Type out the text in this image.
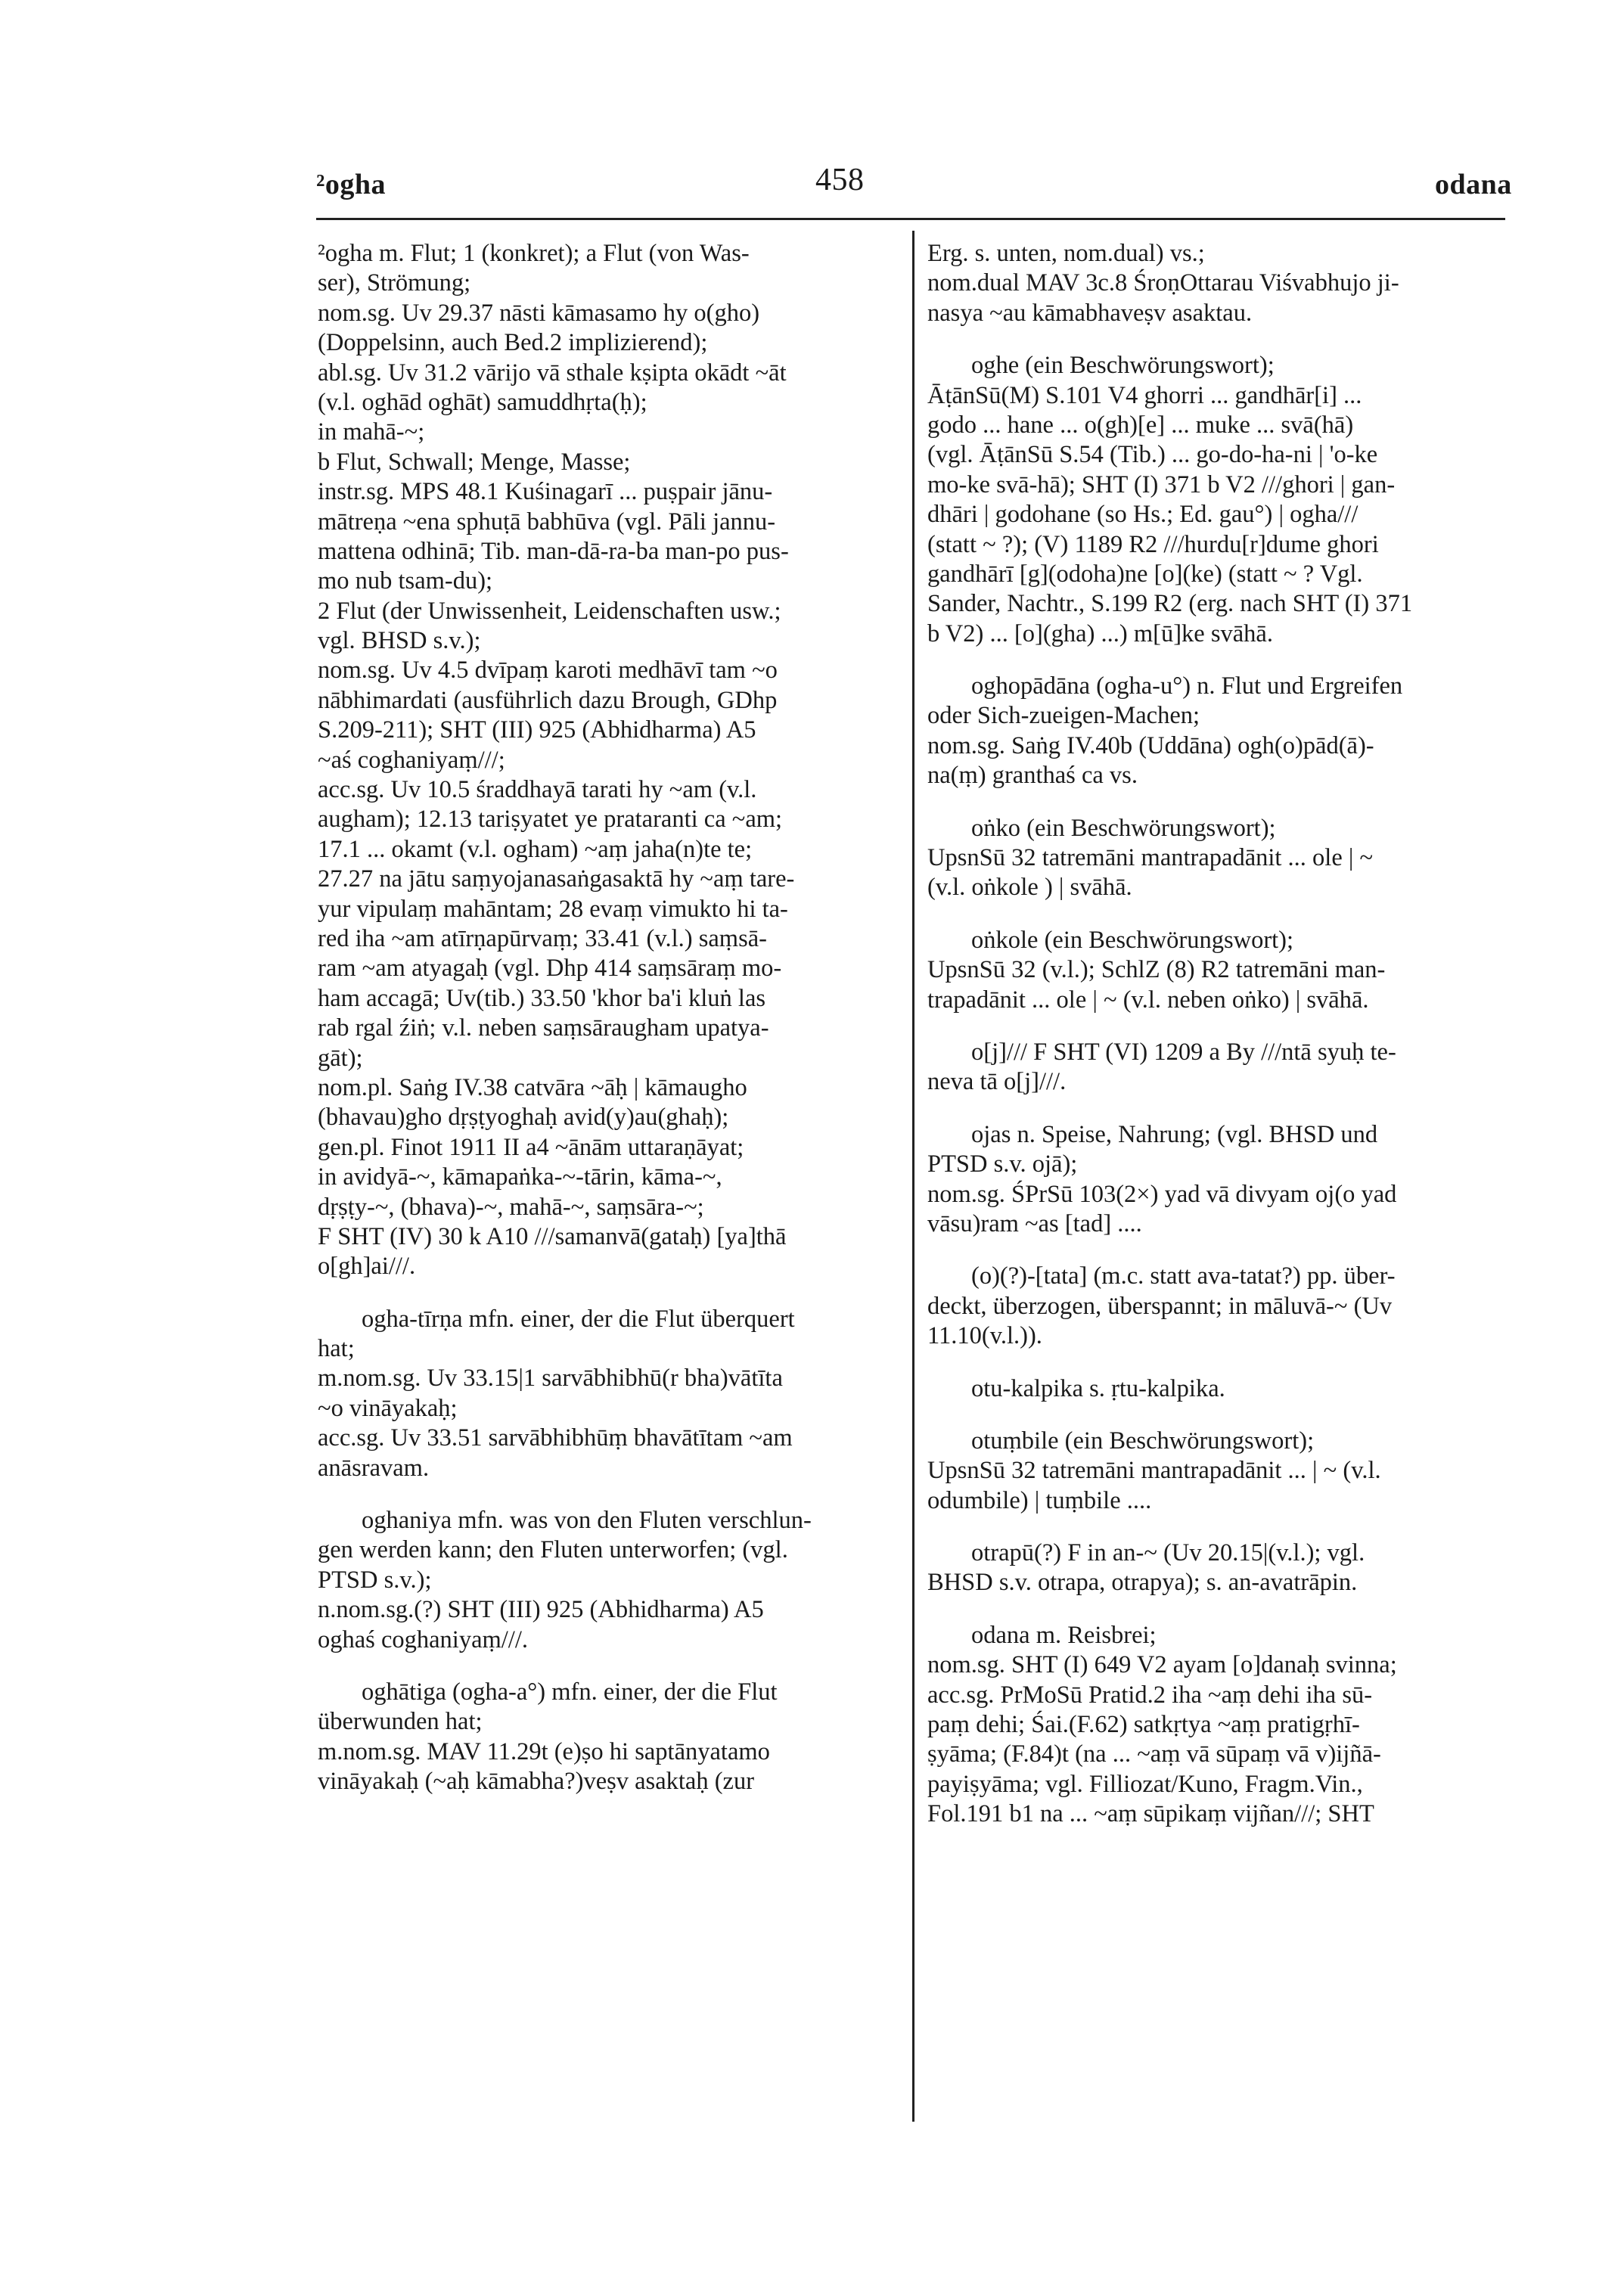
²ogha	458	odana
²ogha m. Flut; 1 (konkret); a Flut (von Was-
ser), Strömung;
nom.sg. Uv 29.37 nāsti kāmasamo hy o(gho)
(Doppelsinn, auch Bed.2 implizierend);
abl.sg. Uv 31.2 vārijo vā sthale kṣipta okādt ~āt
(v.l. oghād oghāt) samuddhṛta(ḥ);
in mahā-~;
b Flut, Schwall; Menge, Masse;
instr.sg. MPS 48.1 Kuśinagarī ... puṣpair jānu-
mātreṇa ~ena sphuṭā babhūva (vgl. Pāli jannu-
mattena odhinā; Tib. man-dā-ra-ba man-po pus-
mo nub tsam-du);
2 Flut (der Unwissenheit, Leidenschaften usw.;
vgl. BHSD s.v.);
nom.sg. Uv 4.5 dvīpaṃ karoti medhāvī tam ~o
nābhimardati (ausführlich dazu Brough, GDhp
S.209-211); SHT (III) 925 (Abhidharma) A5
~aś coghaniyaṃ///;
acc.sg. Uv 10.5 śraddhayā tarati hy ~am (v.l.
augham); 12.13 tariṣyatet ye prataranti ca ~am;
17.1 ... okamt (v.l. ogham) ~aṃ jaha(n)te te;
27.27 na jātu saṃyojanasaṅgasaktā hy ~aṃ tare-
yur vipulaṃ mahāntam; 28 evaṃ vimukto hi ta-
red iha ~am atīrṇapūrvaṃ; 33.41 (v.l.) saṃsā-
ram ~am atyagaḥ (vgl. Dhp 414 saṃsāraṃ mo-
ham accagā; Uv(tib.) 33.50 'khor ba'i kluṅ las
rab rgal źiṅ; v.l. neben saṃsāraugham upatya-
gāt);
nom.pl. Saṅg IV.38 catvāra ~āḥ | kāmaugho
(bhavau)gho dṛṣṭyoghaḥ avid(y)au(ghaḥ);
gen.pl. Finot 1911 II a4 ~ānām uttaraṇāyat;
in avidyā-~, kāmapaṅka-~-tārin, kāma-~,
dṛṣṭy-~, (bhava)-~, mahā-~, saṃsāra-~;
F SHT (IV) 30 k A10 ///samanvā(gataḥ) [ya]thā
o[gh]ai///.
ogha-tīrṇa mfn. einer, der die Flut überquert
hat;
m.nom.sg. Uv 33.15|1 sarvābhibhū(r bha)vātīta
~o vināyakaḥ;
acc.sg. Uv 33.51 sarvābhibhūṃ bhavātītam ~am
anāsravam.
oghaniya mfn. was von den Fluten verschlun-
gen werden kann; den Fluten unterworfen; (vgl.
PTSD s.v.);
n.nom.sg.(?) SHT (III) 925 (Abhidharma) A5
oghaś coghaniyaṃ///.
oghātiga (ogha-a°) mfn. einer, der die Flut
überwunden hat;
m.nom.sg. MAV 11.29t (e)ṣo hi saptānyatamo
vināyakaḥ (~aḥ kāmabha?)veṣv asaktaḥ (zur
Erg. s. unten, nom.dual) vs.;
nom.dual MAV 3c.8 ŚroṇOttarau Viśvabhujo ji-
nasya ~au kāmabhaveṣv asaktau.
oghe (ein Beschwörungswort);
ĀṭānSū(M) S.101 V4 ghorri ... gandhār[i] ...
godo ... hane ... o(gh)[e] ... muke ... svā(hā)
(vgl. ĀṭānSū S.54 (Tib.) ... go-do-ha-ni | 'o-ke
mo-ke svā-hā); SHT (I) 371 b V2 ///ghori | gan-
dhāri | godohane (so Hs.; Ed. gau°) | ogha///
(statt ~ ?); (V) 1189 R2 ///hurdu[r]dume ghori
gandhārī [g](odoha)ne [o](ke) (statt ~ ? Vgl.
Sander, Nachtr., S.199 R2 (erg. nach SHT (I) 371
b V2) ... [o](gha) ...) m[ū]ke svāhā.
oghopādāna (ogha-u°) n. Flut und Ergreifen
oder Sich-zueigen-Machen;
nom.sg. Saṅg IV.40b (Uddāna) ogh(o)pād(ā)-
na(ṃ) granthaś ca vs.
oṅko (ein Beschwörungswort);
UpsnSū 32 tatremāni mantrapadānit ... ole | ~
(v.l. oṅkole ) | svāhā.
oṅkole (ein Beschwörungswort);
UpsnSū 32 (v.l.); SchlZ (8) R2 tatremāni man-
trapadānit ... ole | ~ (v.l. neben oṅko) | svāhā.
o[j]/// F SHT (VI) 1209 a By ///ntā syuḥ te-
neva tā o[j]///.
ojas n. Speise, Nahrung; (vgl. BHSD und
PTSD s.v. ojā);
nom.sg. ŚPrSū 103(2×) yad vā divyam oj(o yad
vāsu)ram ~as [tad] ....
(o)(?)-[tata] (m.c. statt ava-tatat?) pp. über-
deckt, überzogen, überspannt; in māluvā-~ (Uv
11.10(v.l.)).
otu-kalpika s. ṛtu-kalpika.
otuṃbile (ein Beschwörungswort);
UpsnSū 32 tatremāni mantrapadānit ... | ~ (v.l.
odumbile) | tuṃbile ....
otrapū(?) F in an-~ (Uv 20.15|(v.l.); vgl.
BHSD s.v. otrapa, otrapya); s. an-avatrāpin.
odana m. Reisbrei;
nom.sg. SHT (I) 649 V2 ayam [o]danaḥ svinna;
acc.sg. PrMoSū Pratid.2 iha ~aṃ dehi iha sū-
paṃ dehi; Śai.(F.62) satkṛtya ~aṃ pratigṛhī-
ṣyāma; (F.84)t (na ... ~aṃ vā sūpaṃ vā v)ijñā-
payiṣyāma; vgl. Filliozat/Kuno, Fragm.Vin.,
Fol.191 b1 na ... ~aṃ sūpikaṃ vijñan///; SHT
